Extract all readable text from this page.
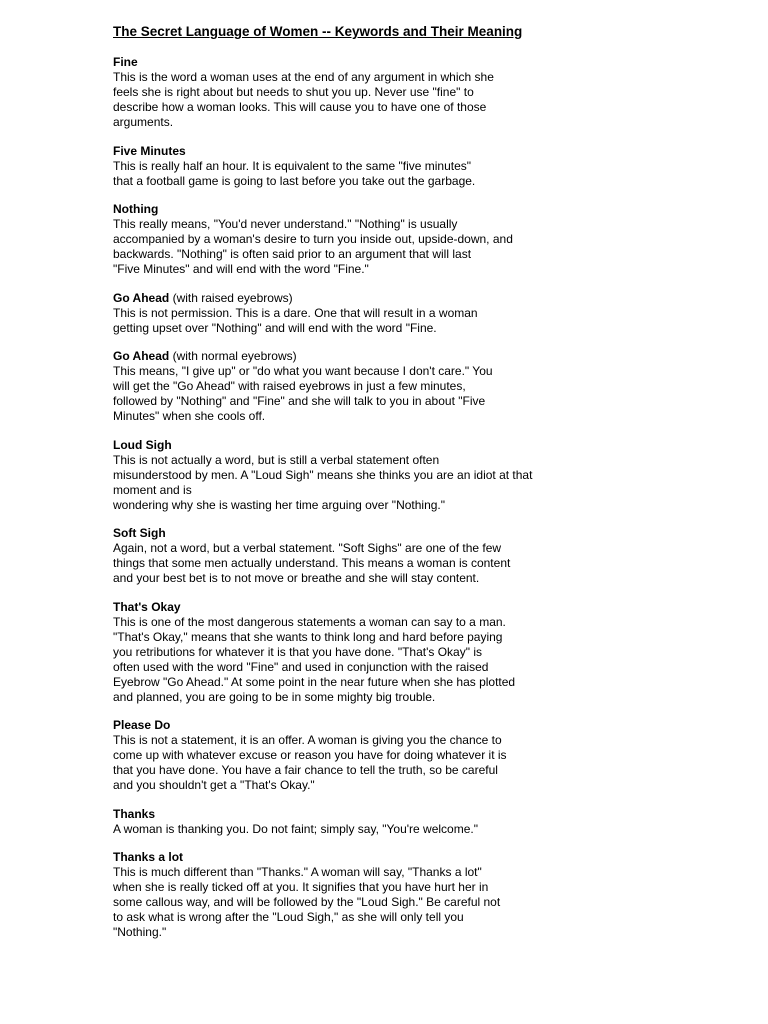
The Secret Language of Women -- Keywords and Their Meaning
Fine
This is the word a woman uses at the end of any argument in which she
feels she is right about but needs to shut you up. Never use "fine" to
describe how a woman looks. This will cause you to have one of those
arguments.
Five Minutes
This is really half an hour. It is equivalent to the same "five minutes"
that a football game is going to last before you take out the garbage.
Nothing
This really means, "You'd never understand." "Nothing" is usually
accompanied by a woman's desire to turn you inside out, upside-down, and
backwards. "Nothing" is often said prior to an argument that will last
"Five Minutes" and will end with the word "Fine."
Go Ahead (with raised eyebrows)
This is not permission. This is a dare. One that will result in a woman
getting upset over "Nothing" and will end with the word "Fine.
Go Ahead (with normal eyebrows)
This means, "I give up" or "do what you want because I don't care." You
will get the "Go Ahead" with raised eyebrows in just a few minutes,
followed by "Nothing" and "Fine" and she will talk to you in about "Five
Minutes" when she cools off.
Loud Sigh
This is not actually a word, but is still a verbal statement often
misunderstood by men. A "Loud Sigh" means she thinks you are an idiot at that
moment and is
wondering why she is wasting her time arguing over "Nothing."
Soft Sigh
Again, not a word, but a verbal statement. "Soft Sighs" are one of the few
things that some men actually understand. This means a woman is content
and your best bet is to not move or breathe and she will stay content.
That's Okay
This is one of the most dangerous statements a woman can say to a man.
"That's Okay," means that she wants to think long and hard before paying
you retributions for whatever it is that you have done. "That's Okay" is
often used with the word "Fine" and used in conjunction with the raised
Eyebrow "Go Ahead." At some point in the near future when she has plotted
and planned, you are going to be in some mighty big trouble.
Please Do
This is not a statement, it is an offer. A woman is giving you the chance to
come up with whatever excuse or reason you have for doing whatever it is
that you have done. You have a fair chance to tell the truth, so be careful
and you shouldn't get a "That's Okay."
Thanks
A woman is thanking you. Do not faint; simply say, "You're welcome."
Thanks a lot
This is much different than "Thanks." A woman will say, "Thanks a lot"
when she is really ticked off at you. It signifies that you have hurt her in
some callous way, and will be followed by the "Loud Sigh." Be careful not
to ask what is wrong after the "Loud Sigh," as she will only tell you
"Nothing."
